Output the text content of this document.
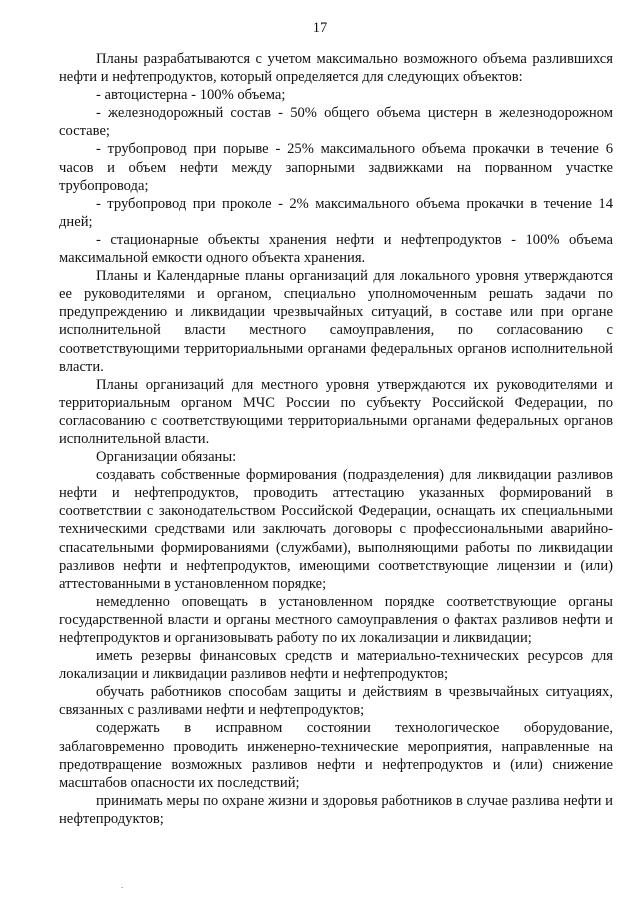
17

Планы разрабатываются с учетом максимально возможного объема разлившихся нефти и нефтепродуктов, который определяется для следующих объектов:

- автоцистерна - 100% объема;

- железнодорожный состав - 50% общего объема цистерн в железнодорожном составе;

- трубопровод при порыве - 25% максимального объема прокачки в течение 6 часов и объем нефти между запорными задвижками на порванном участке трубопровода;

- трубопровод при проколе - 2% максимального объема прокачки в течение 14 дней;

- стационарные объекты хранения нефти и нефтепродуктов - 100% объема максимальной емкости одного объекта хранения.

Планы и Календарные планы организаций для локального уровня утверждаются ее руководителями и органом, специально уполномоченным решать задачи по предупреждению и ликвидации чрезвычайных ситуаций, в составе или при органе исполнительной власти местного самоуправления, по согласованию с соответствующими территориальными органами федеральных органов исполнительной власти.

Планы организаций для местного уровня утверждаются их руководителями и территориальным органом МЧС России по субъекту Российской Федерации, по согласованию с соответствующими территориальными органами федеральных органов исполнительной власти.

Организации обязаны:

создавать собственные формирования (подразделения) для ликвидации разливов нефти и нефтепродуктов, проводить аттестацию указанных формирований в соответствии с законодательством Российской Федерации, оснащать их специальными техническими средствами или заключать договоры с профессиональными аварийно-спасательными формированиями (службами), выполняющими работы по ликвидации разливов нефти и нефтепродуктов, имеющими соответствующие лицензии и (или) аттестованными в установленном порядке;

немедленно оповещать в установленном порядке соответствующие органы государственной власти и органы местного самоуправления о фактах разливов нефти и нефтепродуктов и организовывать работу по их локализации и ликвидации;

иметь резервы финансовых средств и материально-технических ресурсов для локализации и ликвидации разливов нефти и нефтепродуктов;

обучать работников способам защиты и действиям в чрезвычайных ситуациях, связанных с разливами нефти и нефтепродуктов;

содержать в исправном состоянии технологическое оборудование, заблаговременно проводить инженерно-технические мероприятия, направленные на предотвращение возможных разливов нефти и нефтепродуктов и (или) снижение масштабов опасности их последствий;

принимать меры по охране жизни и здоровья работников в случае разлива нефти и нефтепродуктов;
